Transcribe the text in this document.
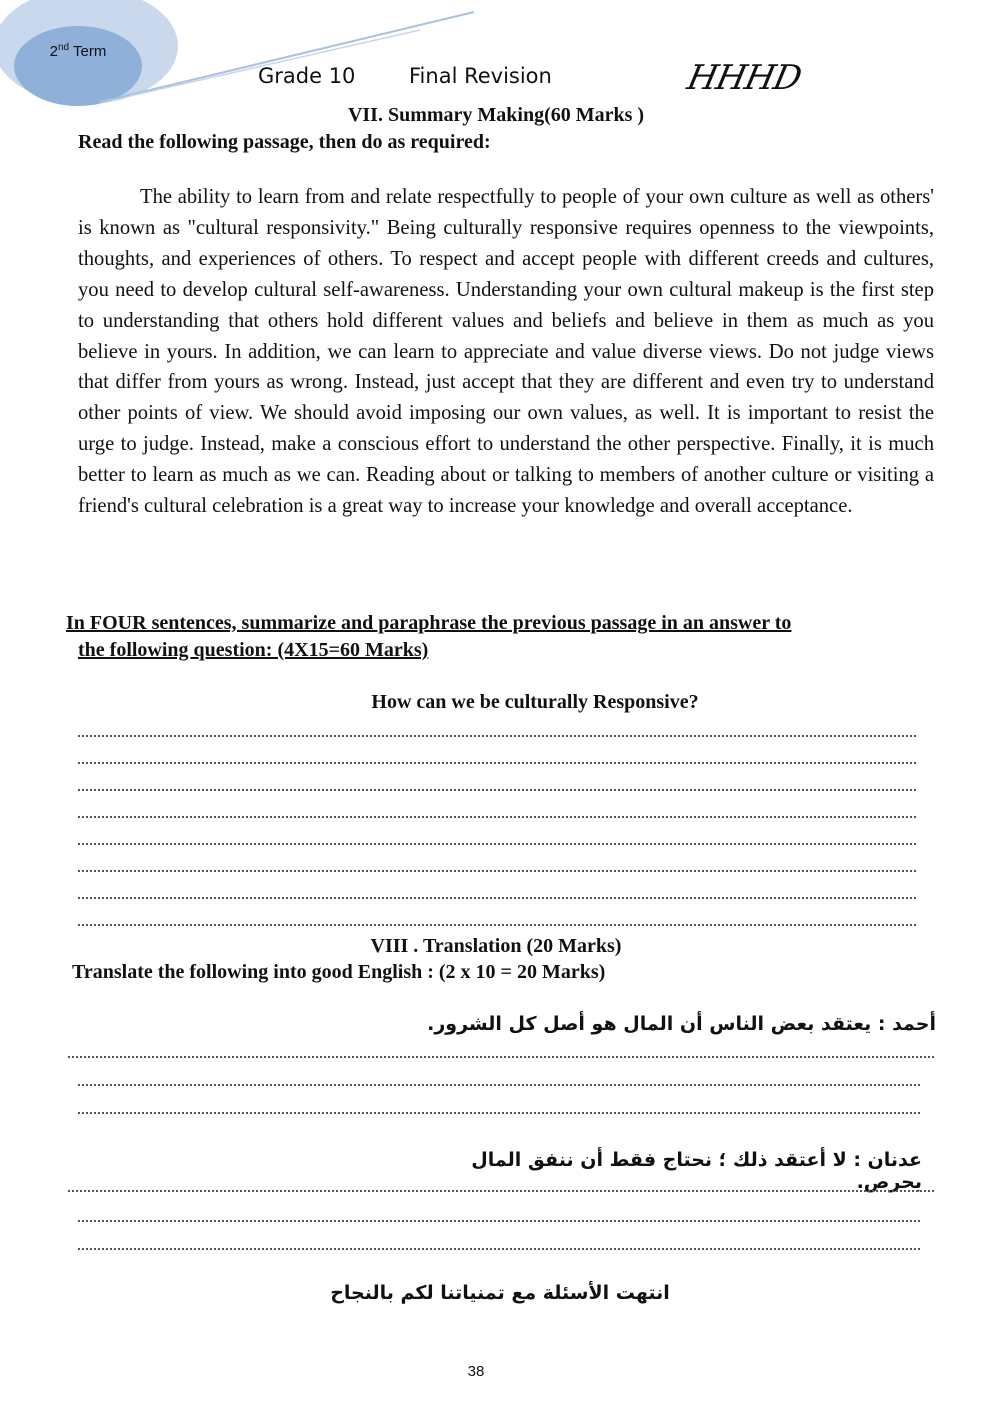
2nd Term
Grade 10	Final Revision	HHHD
VII. Summary Making(60 Marks )
Read the following passage, then do as required:

The ability to learn from and relate respectfully to people of your own culture as well as others' is known as "cultural responsivity." Being culturally responsive requires openness to the viewpoints, thoughts, and experiences of others. To respect and accept people with different creeds and cultures, you need to develop cultural self-awareness. Understanding your own cultural makeup is the first step to understanding that others hold different values and beliefs and believe in them as much as you believe in yours. In addition, we can learn to appreciate and value diverse views. Do not judge views that differ from yours as wrong. Instead, just accept that they are different and even try to understand other points of view. We should avoid imposing our own values, as well. It is important to resist the urge to judge. Instead, make a conscious effort to understand the other perspective. Finally, it is much better to learn as much as we can. Reading about or talking to members of another culture or visiting a friend's cultural celebration is a great way to increase your knowledge and overall acceptance.

In FOUR sentences, summarize and paraphrase the previous passage in an answer to
the following question: (4X15=60 Marks)
How can we be culturally Responsive?
VIII . Translation (20 Marks)
Translate the following into good English : (2 x 10 = 20 Marks)
أحمد : يعتقد بعض الناس أن المال هو أصل كل الشرور.
عدنان : لا أعتقد ذلك ؛ نحتاج فقط أن ننفق المال بحرص.
انتهت الأسئلة مع تمنياتنا لكم بالنجاح
38
